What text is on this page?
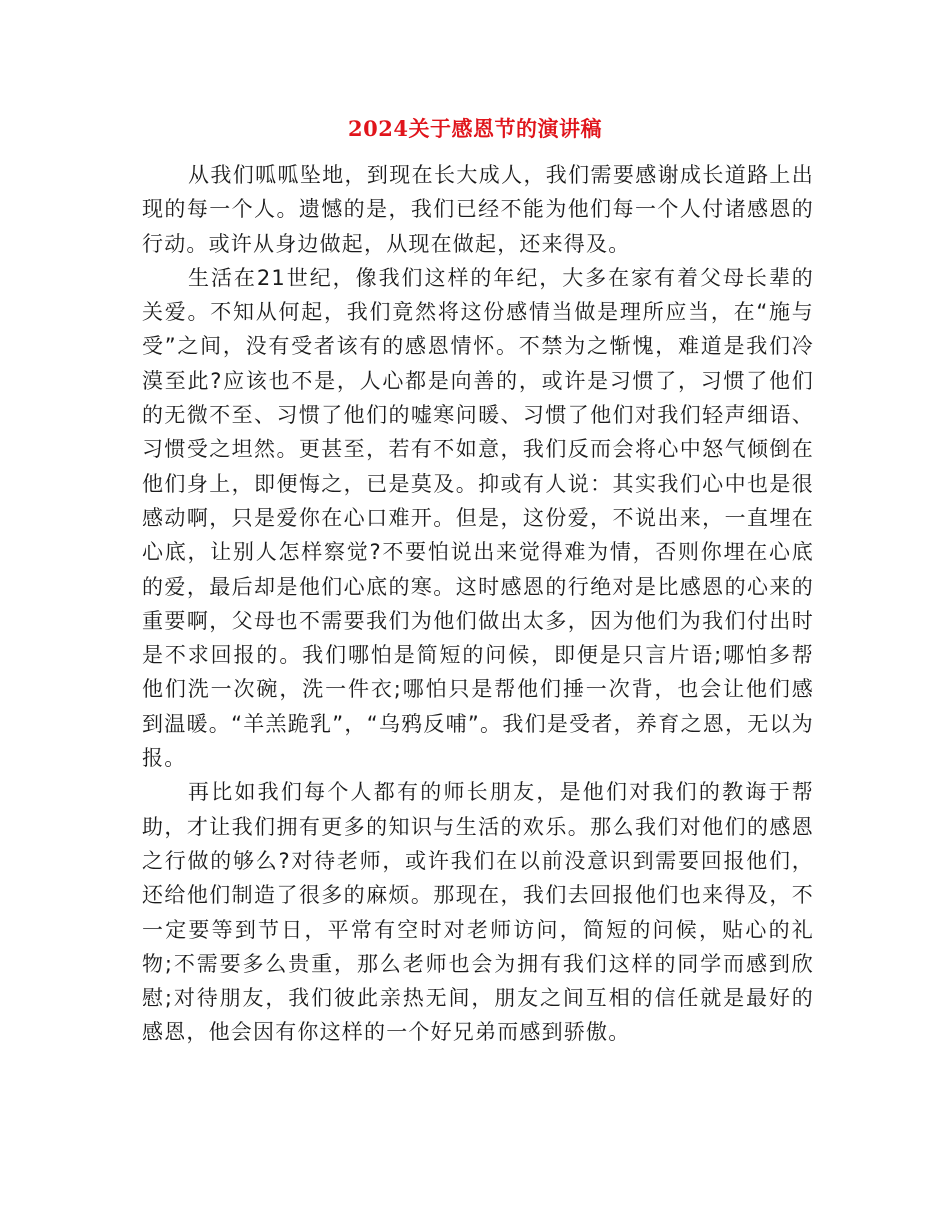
2024关于感恩节的演讲稿

从我们呱呱坠地，到现在长大成人，我们需要感谢成长道路上出现的每一个人。遗憾的是，我们已经不能为他们每一个人付诸感恩的行动。或许从身边做起，从现在做起，还来得及。

生活在21世纪，像我们这样的年纪，大多在家有着父母长辈的关爱。不知从何起，我们竟然将这份感情当做是理所应当，在“施与受”之间，没有受者该有的感恩情怀。不禁为之惭愧，难道是我们冷漠至此?应该也不是，人心都是向善的，或许是习惯了，习惯了他们的无微不至、习惯了他们的嘘寒问暖、习惯了他们对我们轻声细语、习惯受之坦然。更甚至，若有不如意，我们反而会将心中怒气倾倒在他们身上，即便悔之，已是莫及。抑或有人说：其实我们心中也是很感动啊，只是爱你在心口难开。但是，这份爱，不说出来，一直埋在心底，让别人怎样察觉?不要怕说出来觉得难为情，否则你埋在心底的爱，最后却是他们心底的寒。这时感恩的行绝对是比感恩的心来的重要啊，父母也不需要我们为他们做出太多，因为他们为我们付出时是不求回报的。我们哪怕是简短的问候，即便是只言片语;哪怕多帮他们洗一次碗，洗一件衣;哪怕只是帮他们捶一次背，也会让他们感到温暖。“羊羔跪乳”，“乌鸦反哺”。我们是受者，养育之恩，无以为报。

再比如我们每个人都有的师长朋友，是他们对我们的教诲于帮助，才让我们拥有更多的知识与生活的欢乐。那么我们对他们的感恩之行做的够么?对待老师，或许我们在以前没意识到需要回报他们，还给他们制造了很多的麻烦。那现在，我们去回报他们也来得及，不一定要等到节日，平常有空时对老师访问，简短的问候，贴心的礼物;不需要多么贵重，那么老师也会为拥有我们这样的同学而感到欣慰;对待朋友，我们彼此亲热无间，朋友之间互相的信任就是最好的感恩，他会因有你这样的一个好兄弟而感到骄傲。
